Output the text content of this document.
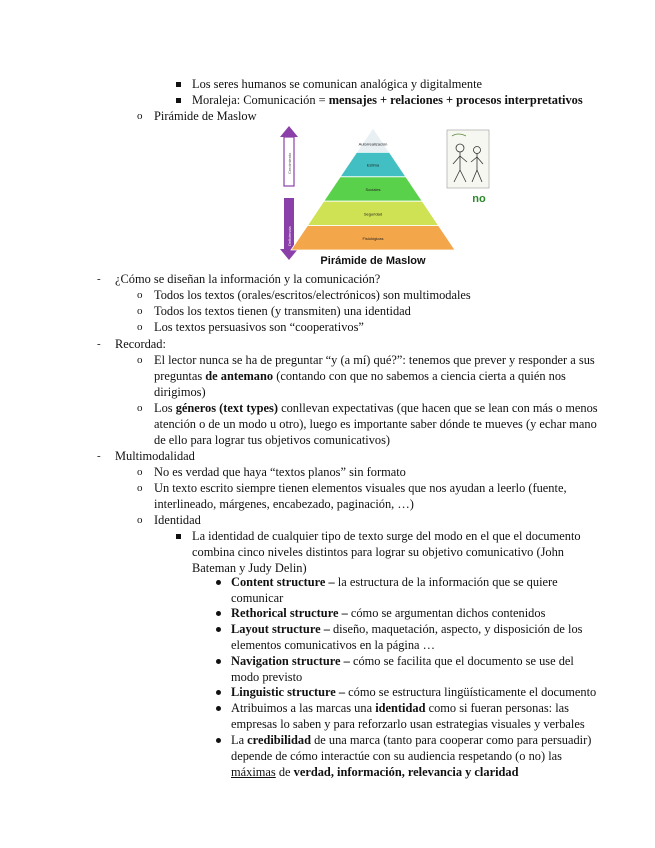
Los seres humanos se comunican analógica y digitalmente
Moraleja: Comunicación = mensajes + relaciones + procesos interpretativos
o Pirámide de Maslow
Crecimiento
Deficiencia
Autorrealización
Estima
Sociales
Seguridad
Fisiológicas
Pirámide de Maslow
no
- ¿Cómo se diseñan la información y la comunicación?
o Todos los textos (orales/escritos/electrónicos) son multimodales
o Todos los textos tienen (y transmiten) una identidad
o Los textos persuasivos son “cooperativos”
- Recordad:
o El lector nunca se ha de preguntar “y (a mí) qué?”: tenemos que prever y responder a sus
preguntas de antemano (contando con que no sabemos a ciencia cierta a quién nos
dirigimos)
o Los géneros (text types) conllevan expectativas (que hacen que se lean con más o menos
atención o de un modo u otro), luego es importante saber dónde te mueves (y echar mano
de ello para lograr tus objetivos comunicativos)
- Multimodalidad
o No es verdad que haya “textos planos” sin formato
o Un texto escrito siempre tienen elementos visuales que nos ayudan a leerlo (fuente,
interlineado, márgenes, encabezado, paginación, …)
o Identidad
La identidad de cualquier tipo de texto surge del modo en el que el documento
combina cinco niveles distintos para lograr su objetivo comunicativo (John
Bateman y Judy Delin)
Content structure – la estructura de la información que se quiere
comunicar
Rethorical structure – cómo se argumentan dichos contenidos
Layout structure – diseño, maquetación, aspecto, y disposición de los
elementos comunicativos en la página …
Navigation structure – cómo se facilita que el documento se use del
modo previsto
Linguistic structure – cómo se estructura lingüísticamente el documento
Atribuimos a las marcas una identidad como si fueran personas: las
empresas lo saben y para reforzarlo usan estrategias visuales y verbales
La credibilidad de una marca (tanto para cooperar como para persuadir)
depende de cómo interactúe con su audiencia respetando (o no) las
máximas de verdad, información, relevancia y claridad
